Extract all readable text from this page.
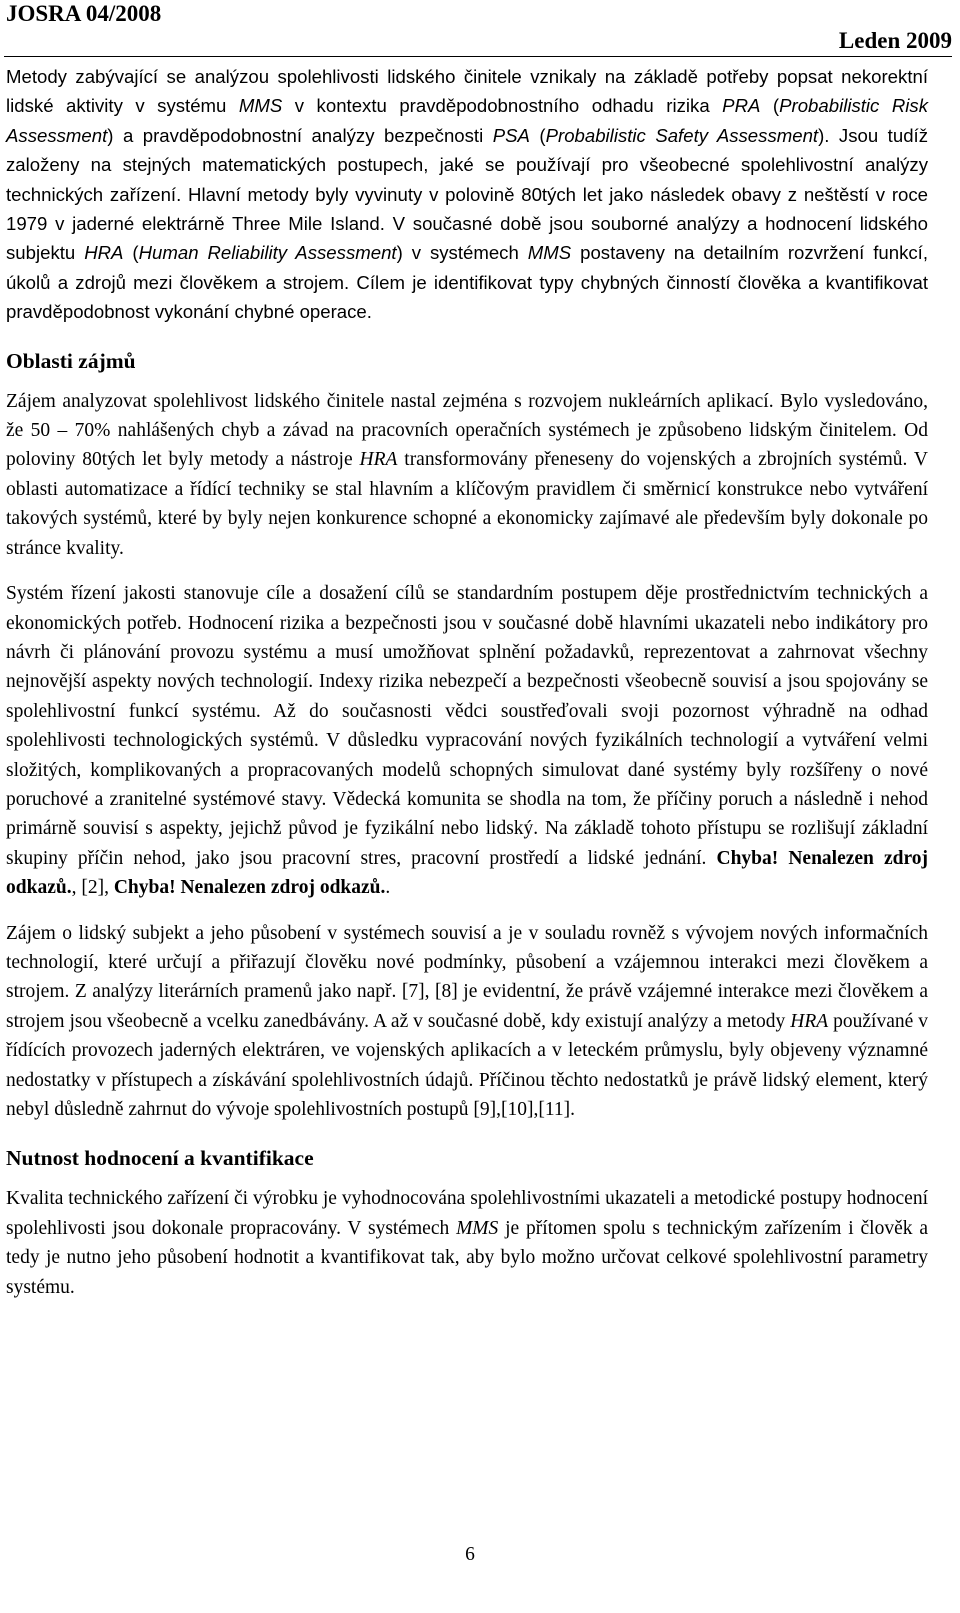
JOSRA 04/2008
Leden 2009

Metody zabývající se analýzou spolehlivosti lidského činitele vznikaly na základě potřeby popsat nekorektní lidské aktivity v systému MMS v kontextu pravděpodobnostního odhadu rizika PRA (Probabilistic Risk Assessment) a pravděpodobnostní analýzy bezpečnosti PSA (Probabilistic Safety Assessment). Jsou tudíž založeny na stejných matematických postupech, jaké se používají pro všeobecné spolehlivostní analýzy technických zařízení. Hlavní metody byly vyvinuty v polovině 80tých let jako následek obavy z neštěstí v roce 1979 v jaderné elektrárně Three Mile Island. V současné době jsou souborné analýzy a hodnocení lidského subjektu HRA (Human Reliability Assessment) v systémech MMS postaveny na detailním rozvržení funkcí, úkolů a zdrojů mezi člověkem a strojem. Cílem je identifikovat typy chybných činností člověka a kvantifikovat pravděpodobnost vykonání chybné operace.

Oblasti zájmů

Zájem analyzovat spolehlivost lidského činitele nastal zejména s rozvojem nukleárních aplikací. Bylo vysledováno, že 50 – 70% nahlášených chyb a závad na pracovních operačních systémech je způsobeno lidským činitelem. Od poloviny 80tých let byly metody a nástroje HRA transformovány přeneseny do vojenských a zbrojních systémů. V oblasti automatizace a řídící techniky se stal hlavním a klíčovým pravidlem či směrnicí konstrukce nebo vytváření takových systémů, které by byly nejen konkurence schopné a ekonomicky zajímavé ale především byly dokonale po stránce kvality.

Systém řízení jakosti stanovuje cíle a dosažení cílů se standardním postupem děje prostřednictvím technických a ekonomických potřeb. Hodnocení rizika a bezpečnosti jsou v současné době hlavními ukazateli nebo indikátory pro návrh či plánování provozu systému a musí umožňovat splnění požadavků, reprezentovat a zahrnovat všechny nejnovější aspekty nových technologií. Indexy rizika nebezpečí a bezpečnosti všeobecně souvisí a jsou spojovány se spolehlivostní funkcí systému. Až do současnosti vědci soustřeďovali svoji pozornost výhradně na odhad spolehlivosti technologických systémů. V důsledku vypracování nových fyzikálních technologií a vytváření velmi složitých, komplikovaných a propracovaných modelů schopných simulovat dané systémy byly rozšířeny o nové poruchové a zranitelné systémové stavy. Vědecká komunita se shodla na tom, že příčiny poruch a následně i nehod primárně souvisí s aspekty, jejichž původ je fyzikální nebo lidský. Na základě tohoto přístupu se rozlišují základní skupiny příčin nehod, jako jsou pracovní stres, pracovní prostředí a lidské jednání. Chyba! Nenalezen zdroj odkazů., [2], Chyba! Nenalezen zdroj odkazů..

Zájem o lidský subjekt a jeho působení v systémech souvisí a je v souladu rovněž s vývojem nových informačních technologií, které určují a přiřazují člověku nové podmínky, působení a vzájemnou interakci mezi člověkem a strojem. Z analýzy literárních pramenů jako např. [7], [8] je evidentní, že právě vzájemné interakce mezi člověkem a strojem jsou všeobecně a vcelku zanedbávány. A až v současné době, kdy existují analýzy a metody HRA používané v řídících provozech jaderných elektráren, ve vojenských aplikacích a v leteckém průmyslu, byly objeveny významné nedostatky v přístupech a získávání spolehlivostních údajů. Příčinou těchto nedostatků je právě lidský element, který nebyl důsledně zahrnut do vývoje spolehlivostních postupů [9],[10],[11].

Nutnost hodnocení a kvantifikace

Kvalita technického zařízení či výrobku je vyhodnocována spolehlivostními ukazateli a metodické postupy hodnocení spolehlivosti jsou dokonale propracovány. V systémech MMS je přítomen spolu s technickým zařízením i člověk a tedy je nutno jeho působení hodnotit a kvantifikovat tak, aby bylo možno určovat celkové spolehlivostní parametry systému.

6
